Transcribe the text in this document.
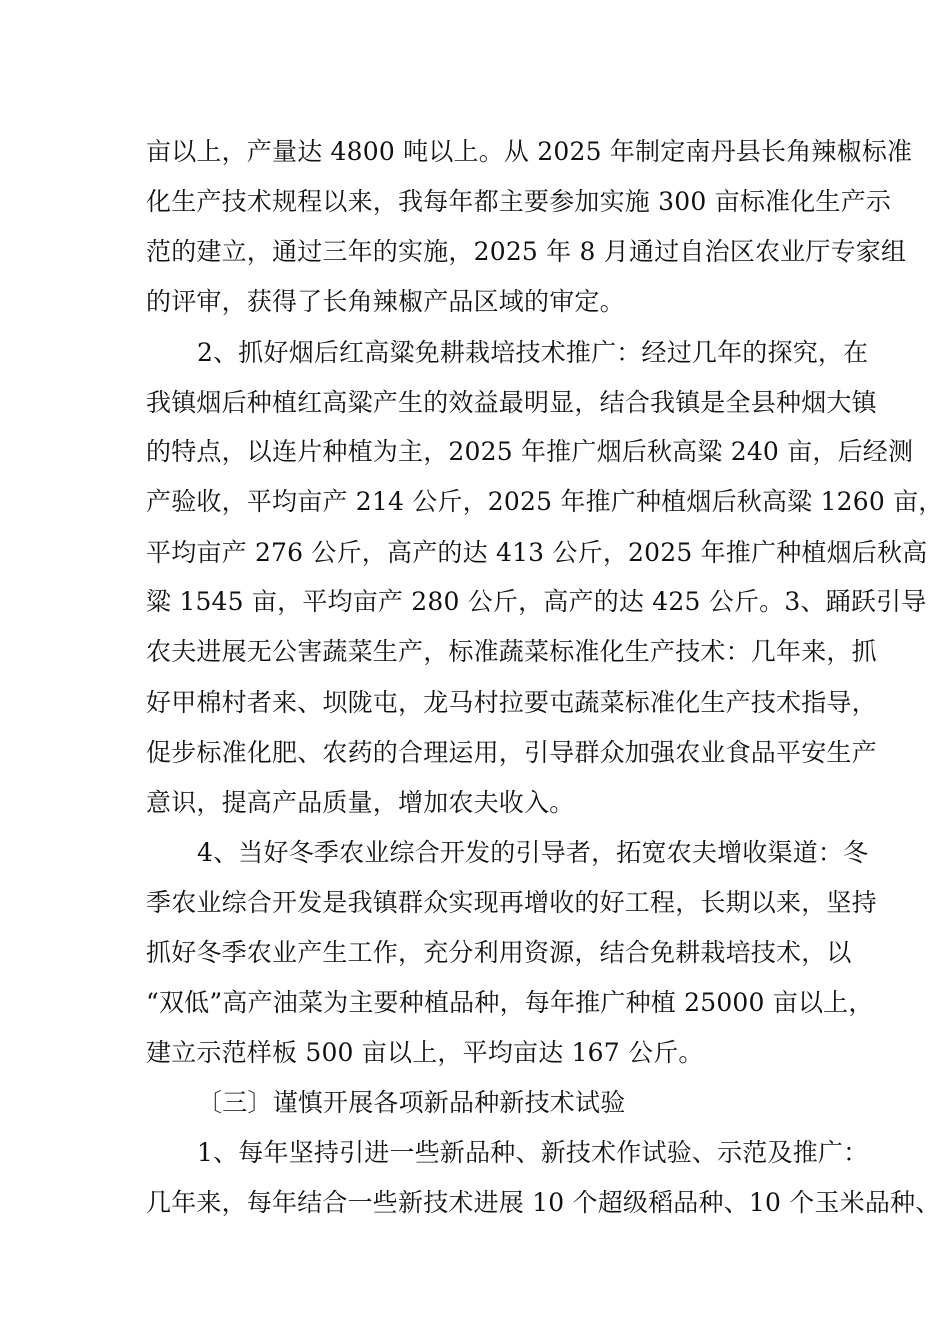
亩以上，产量达 4800 吨以上。从 2025 年制定南丹县长角辣椒标准
化生产技术规程以来，我每年都主要参加实施 300 亩标准化生产示
范的建立，通过三年的实施，2025 年 8 月通过自治区农业厅专家组
的评审，获得了长角辣椒产品区域的审定。
2、抓好烟后红高粱免耕栽培技术推广：经过几年的探究，在
我镇烟后种植红高粱产生的效益最明显，结合我镇是全县种烟大镇
的特点，以连片种植为主，2025 年推广烟后秋高粱 240 亩，后经测
产验收，平均亩产 214 公斤，2025 年推广种植烟后秋高粱 1260 亩，
平均亩产 276 公斤，高产的达 413 公斤，2025 年推广种植烟后秋高
粱 1545 亩，平均亩产 280 公斤，高产的达 425 公斤。3、踊跃引导
农夫进展无公害蔬菜生产，标准蔬菜标准化生产技术：几年来，抓
好甲棉村者来、坝陇屯，龙马村拉要屯蔬菜标准化生产技术指导，
促步标准化肥、农药的合理运用，引导群众加强农业食品平安生产
意识，提高产品质量，增加农夫收入。
4、当好冬季农业综合开发的引导者，拓宽农夫增收渠道：冬
季农业综合开发是我镇群众实现再增收的好工程，长期以来，坚持
抓好冬季农业产生工作，充分利用资源，结合免耕栽培技术，以
“双低”高产油菜为主要种植品种，每年推广种植 25000 亩以上，
建立示范样板 500 亩以上，平均亩达 167 公斤。
〔三〕谨慎开展各项新品种新技术试验
1、每年坚持引进一些新品种、新技术作试验、示范及推广：
几年来，每年结合一些新技术进展 10 个超级稻品种、10 个玉米品种、
